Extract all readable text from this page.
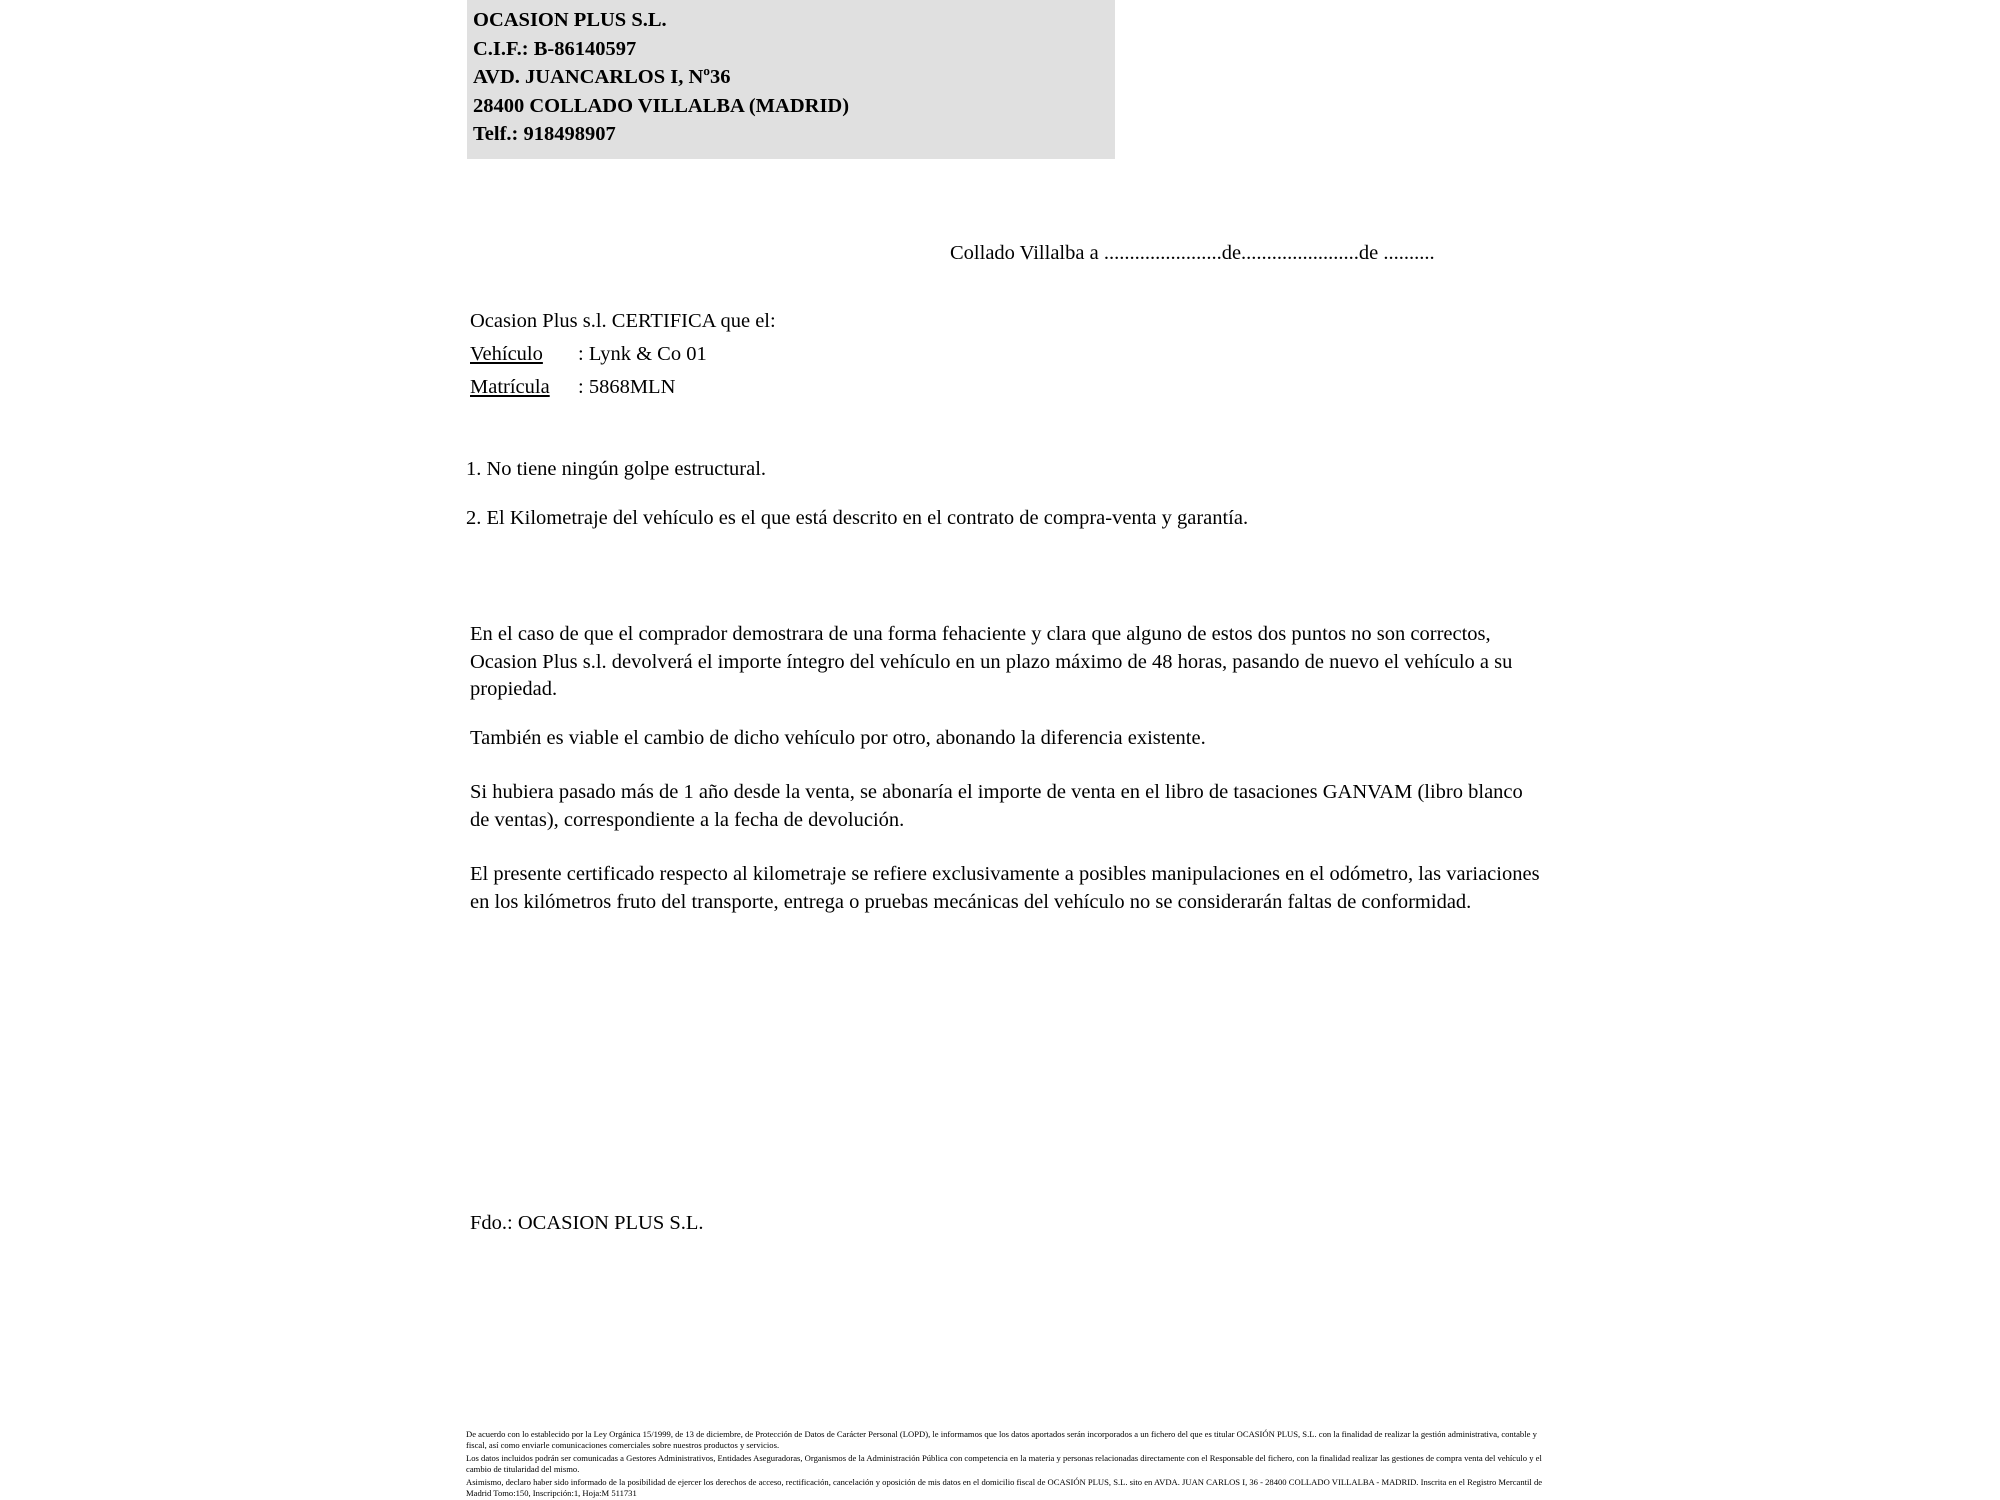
OCASION PLUS S.L.
C.I.F.: B-86140597
AVD. JUANCARLOS I, Nº36
28400 COLLADO VILLALBA (MADRID)
Telf.: 918498907
Collado Villalba a .......................de.......................de ..........
Ocasion Plus s.l. CERTIFICA que el:
Vehículo : Lynk & Co 01
Matrícula : 5868MLN
1. No tiene ningún golpe estructural.
2. El Kilometraje del vehículo es el que está descrito en el contrato de compra-venta y garantía.
En el caso de que el comprador demostrara de una forma fehaciente y clara que alguno de estos dos puntos no son correctos, Ocasion Plus s.l. devolverá el importe íntegro del vehículo en un plazo máximo de 48 horas, pasando de nuevo el vehículo a su propiedad.
También es viable el cambio de dicho vehículo por otro, abonando la diferencia existente.
Si hubiera pasado más de 1 año desde la venta, se abonaría el importe de venta en el libro de tasaciones GANVAM (libro blanco de ventas), correspondiente a la fecha de devolución.
El presente certificado respecto al kilometraje se refiere exclusivamente a posibles manipulaciones en el odómetro, las variaciones en los kilómetros fruto del transporte, entrega o pruebas mecánicas del vehículo no se considerarán faltas de conformidad.
Fdo.: OCASION PLUS S.L.

De acuerdo con lo establecido por la Ley Orgánica 15/1999, de 13 de diciembre, de Protección de Datos de Carácter Personal (LOPD), le informamos que los datos aportados serán incorporados a un fichero del que es titular OCASIÓN PLUS, S.L. con la finalidad de realizar la gestión administrativa, contable y fiscal, así como enviarle comunicaciones comerciales sobre nuestros productos y servicios.

Los datos incluidos podrán ser comunicadas a Gestores Administrativos, Entidades Aseguradoras, Organismos de la Administración Pública con competencia en la materia y personas relacionadas directamente con el Responsable del fichero, con la finalidad realizar las gestiones de compra venta del vehículo y el cambio de titularidad del mismo.

Asimismo, declaro haber sido informado de la posibilidad de ejercer los derechos de acceso, rectificación, cancelación y oposición de mis datos en el domicilio fiscal de OCASIÓN PLUS, S.L. sito en AVDA. JUAN CARLOS I, 36 - 28400 COLLADO VILLALBA - MADRID. Inscrita en el Registro Mercantil de Madrid Tomo:150, Inscripción:1, Hoja:M 511731
